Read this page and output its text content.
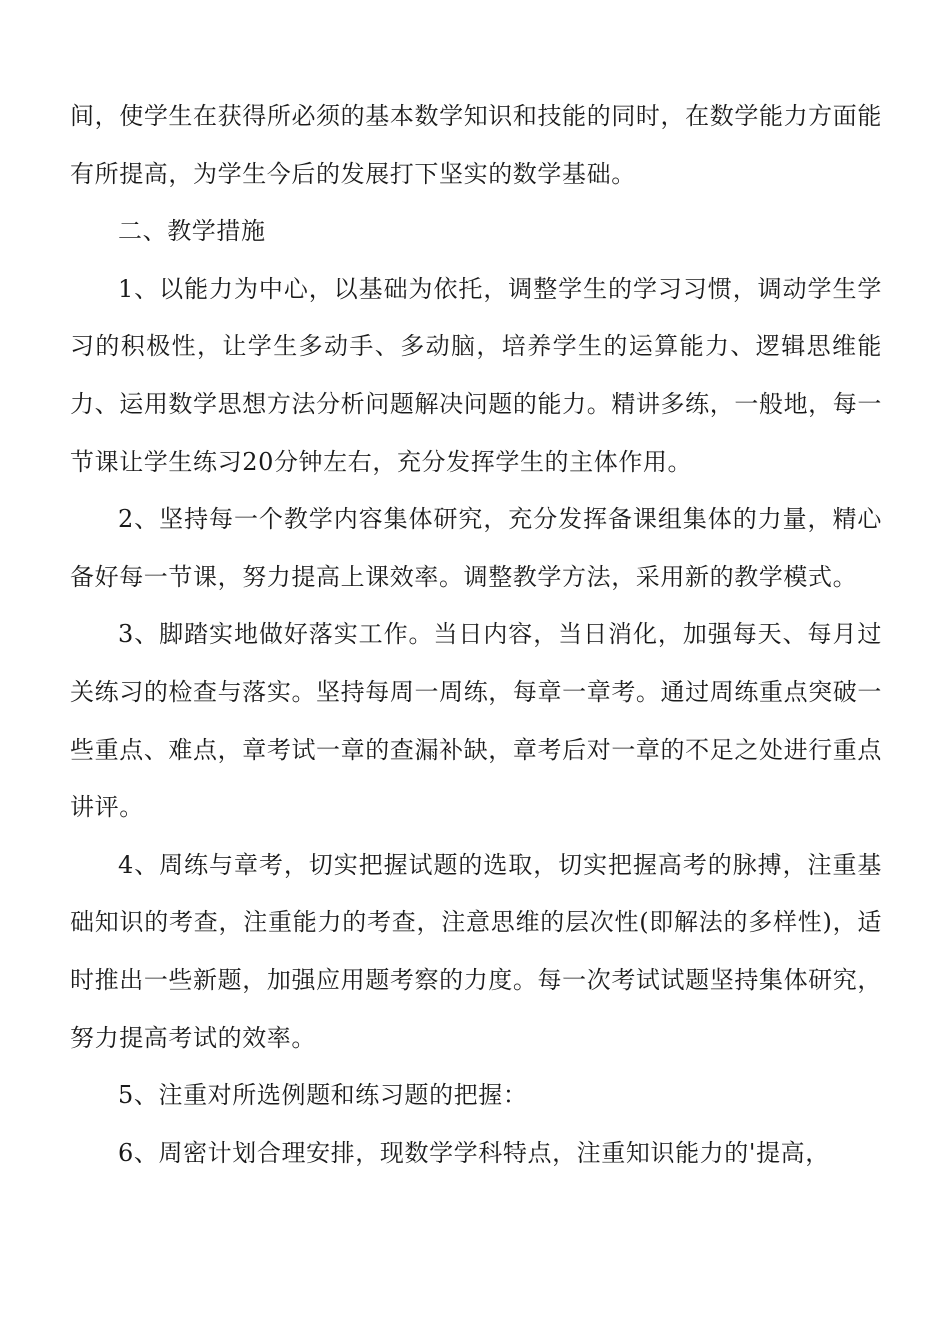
间，使学生在获得所必须的基本数学知识和技能的同时，在数学能力方面能有所提高，为学生今后的发展打下坚实的数学基础。

二、教学措施

1、以能力为中心，以基础为依托，调整学生的学习习惯，调动学生学习的积极性，让学生多动手、多动脑，培养学生的运算能力、逻辑思维能力、运用数学思想方法分析问题解决问题的能力。精讲多练，一般地，每一节课让学生练习20分钟左右，充分发挥学生的主体作用。

2、坚持每一个教学内容集体研究，充分发挥备课组集体的力量，精心备好每一节课，努力提高上课效率。调整教学方法，采用新的教学模式。

3、脚踏实地做好落实工作。当日内容，当日消化，加强每天、每月过关练习的检查与落实。坚持每周一周练，每章一章考。通过周练重点突破一些重点、难点，章考试一章的查漏补缺，章考后对一章的不足之处进行重点讲评。

4、周练与章考，切实把握试题的选取，切实把握高考的脉搏，注重基础知识的考查，注重能力的考查，注意思维的层次性(即解法的多样性)，适时推出一些新题，加强应用题考察的力度。每一次考试试题坚持集体研究，努力提高考试的效率。

5、注重对所选例题和练习题的把握：

6、周密计划合理安排，现数学学科特点，注重知识能力的'提高，
